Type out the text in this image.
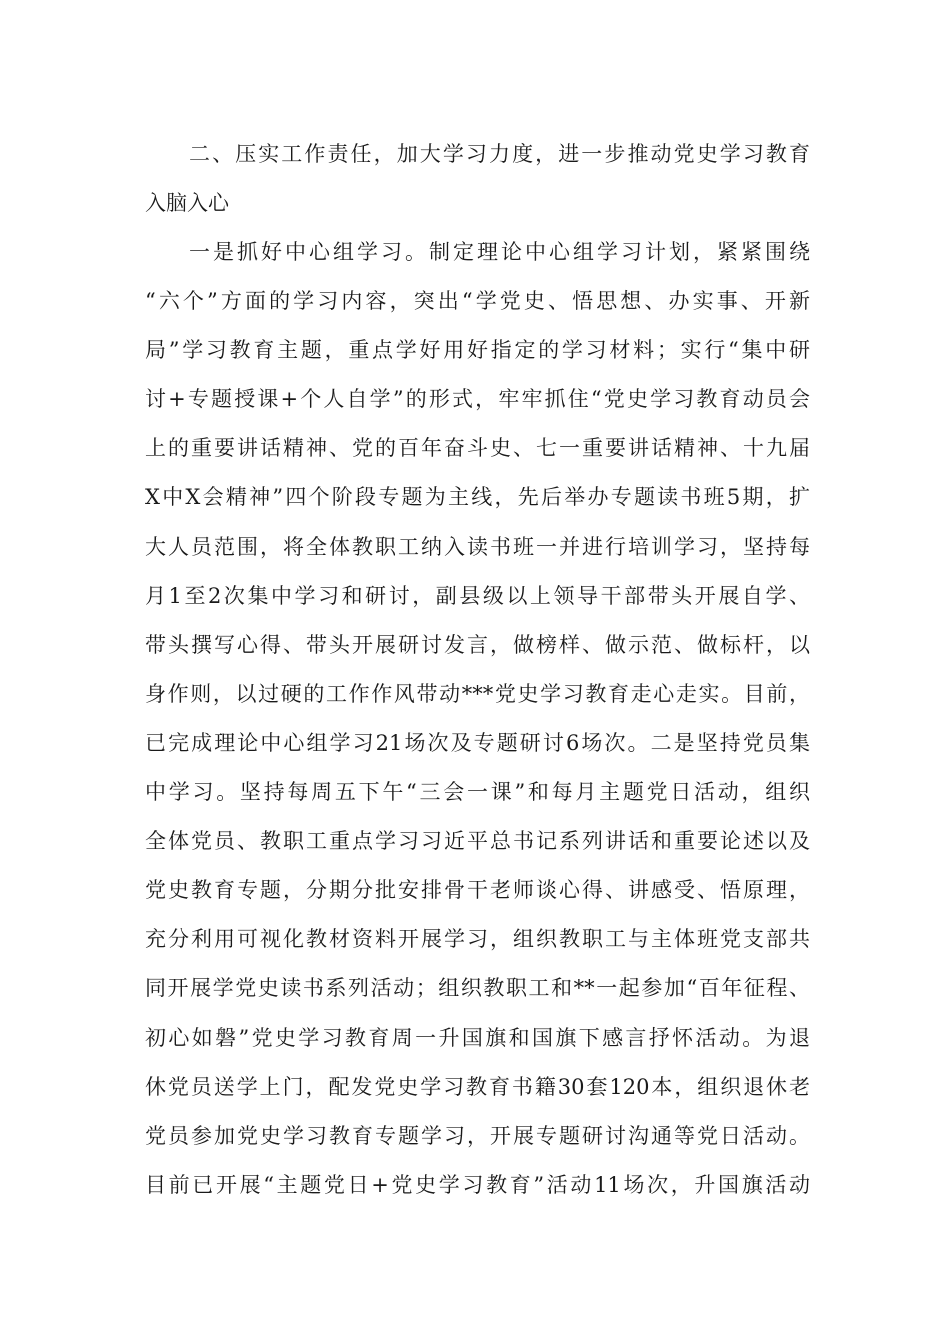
二、压实工作责任，加大学习力度，进一步推动党史学习教育
入脑入心
一是抓好中心组学习。制定理论中心组学习计划，紧紧围绕
“六个”方面的学习内容，突出“学党史、悟思想、办实事、开新
局”学习教育主题，重点学好用好指定的学习材料；实行“集中研
讨+专题授课+个人自学”的形式，牢牢抓住“党史学习教育动员会
上的重要讲话精神、党的百年奋斗史、七一重要讲话精神、十九届
X中X会精神”四个阶段专题为主线，先后举办专题读书班5期，扩
大人员范围，将全体教职工纳入读书班一并进行培训学习，坚持每
月1至2次集中学习和研讨，副县级以上领导干部带头开展自学、
带头撰写心得、带头开展研讨发言，做榜样、做示范、做标杆，以
身作则，以过硬的工作作风带动***党史学习教育走心走实。目前，
已完成理论中心组学习21场次及专题研讨6场次。二是坚持党员集
中学习。坚持每周五下午“三会一课”和每月主题党日活动，组织
全体党员、教职工重点学习习近平总书记系列讲话和重要论述以及
党史教育专题，分期分批安排骨干老师谈心得、讲感受、悟原理，
充分利用可视化教材资料开展学习，组织教职工与主体班党支部共
同开展学党史读书系列活动；组织教职工和**一起参加“百年征程、
初心如磐”党史学习教育周一升国旗和国旗下感言抒怀活动。为退
休党员送学上门，配发党史学习教育书籍30套120本，组织退休老
党员参加党史学习教育专题学习，开展专题研讨沟通等党日活动。
目前已开展“主题党日+党史学习教育”活动11场次，升国旗活动
